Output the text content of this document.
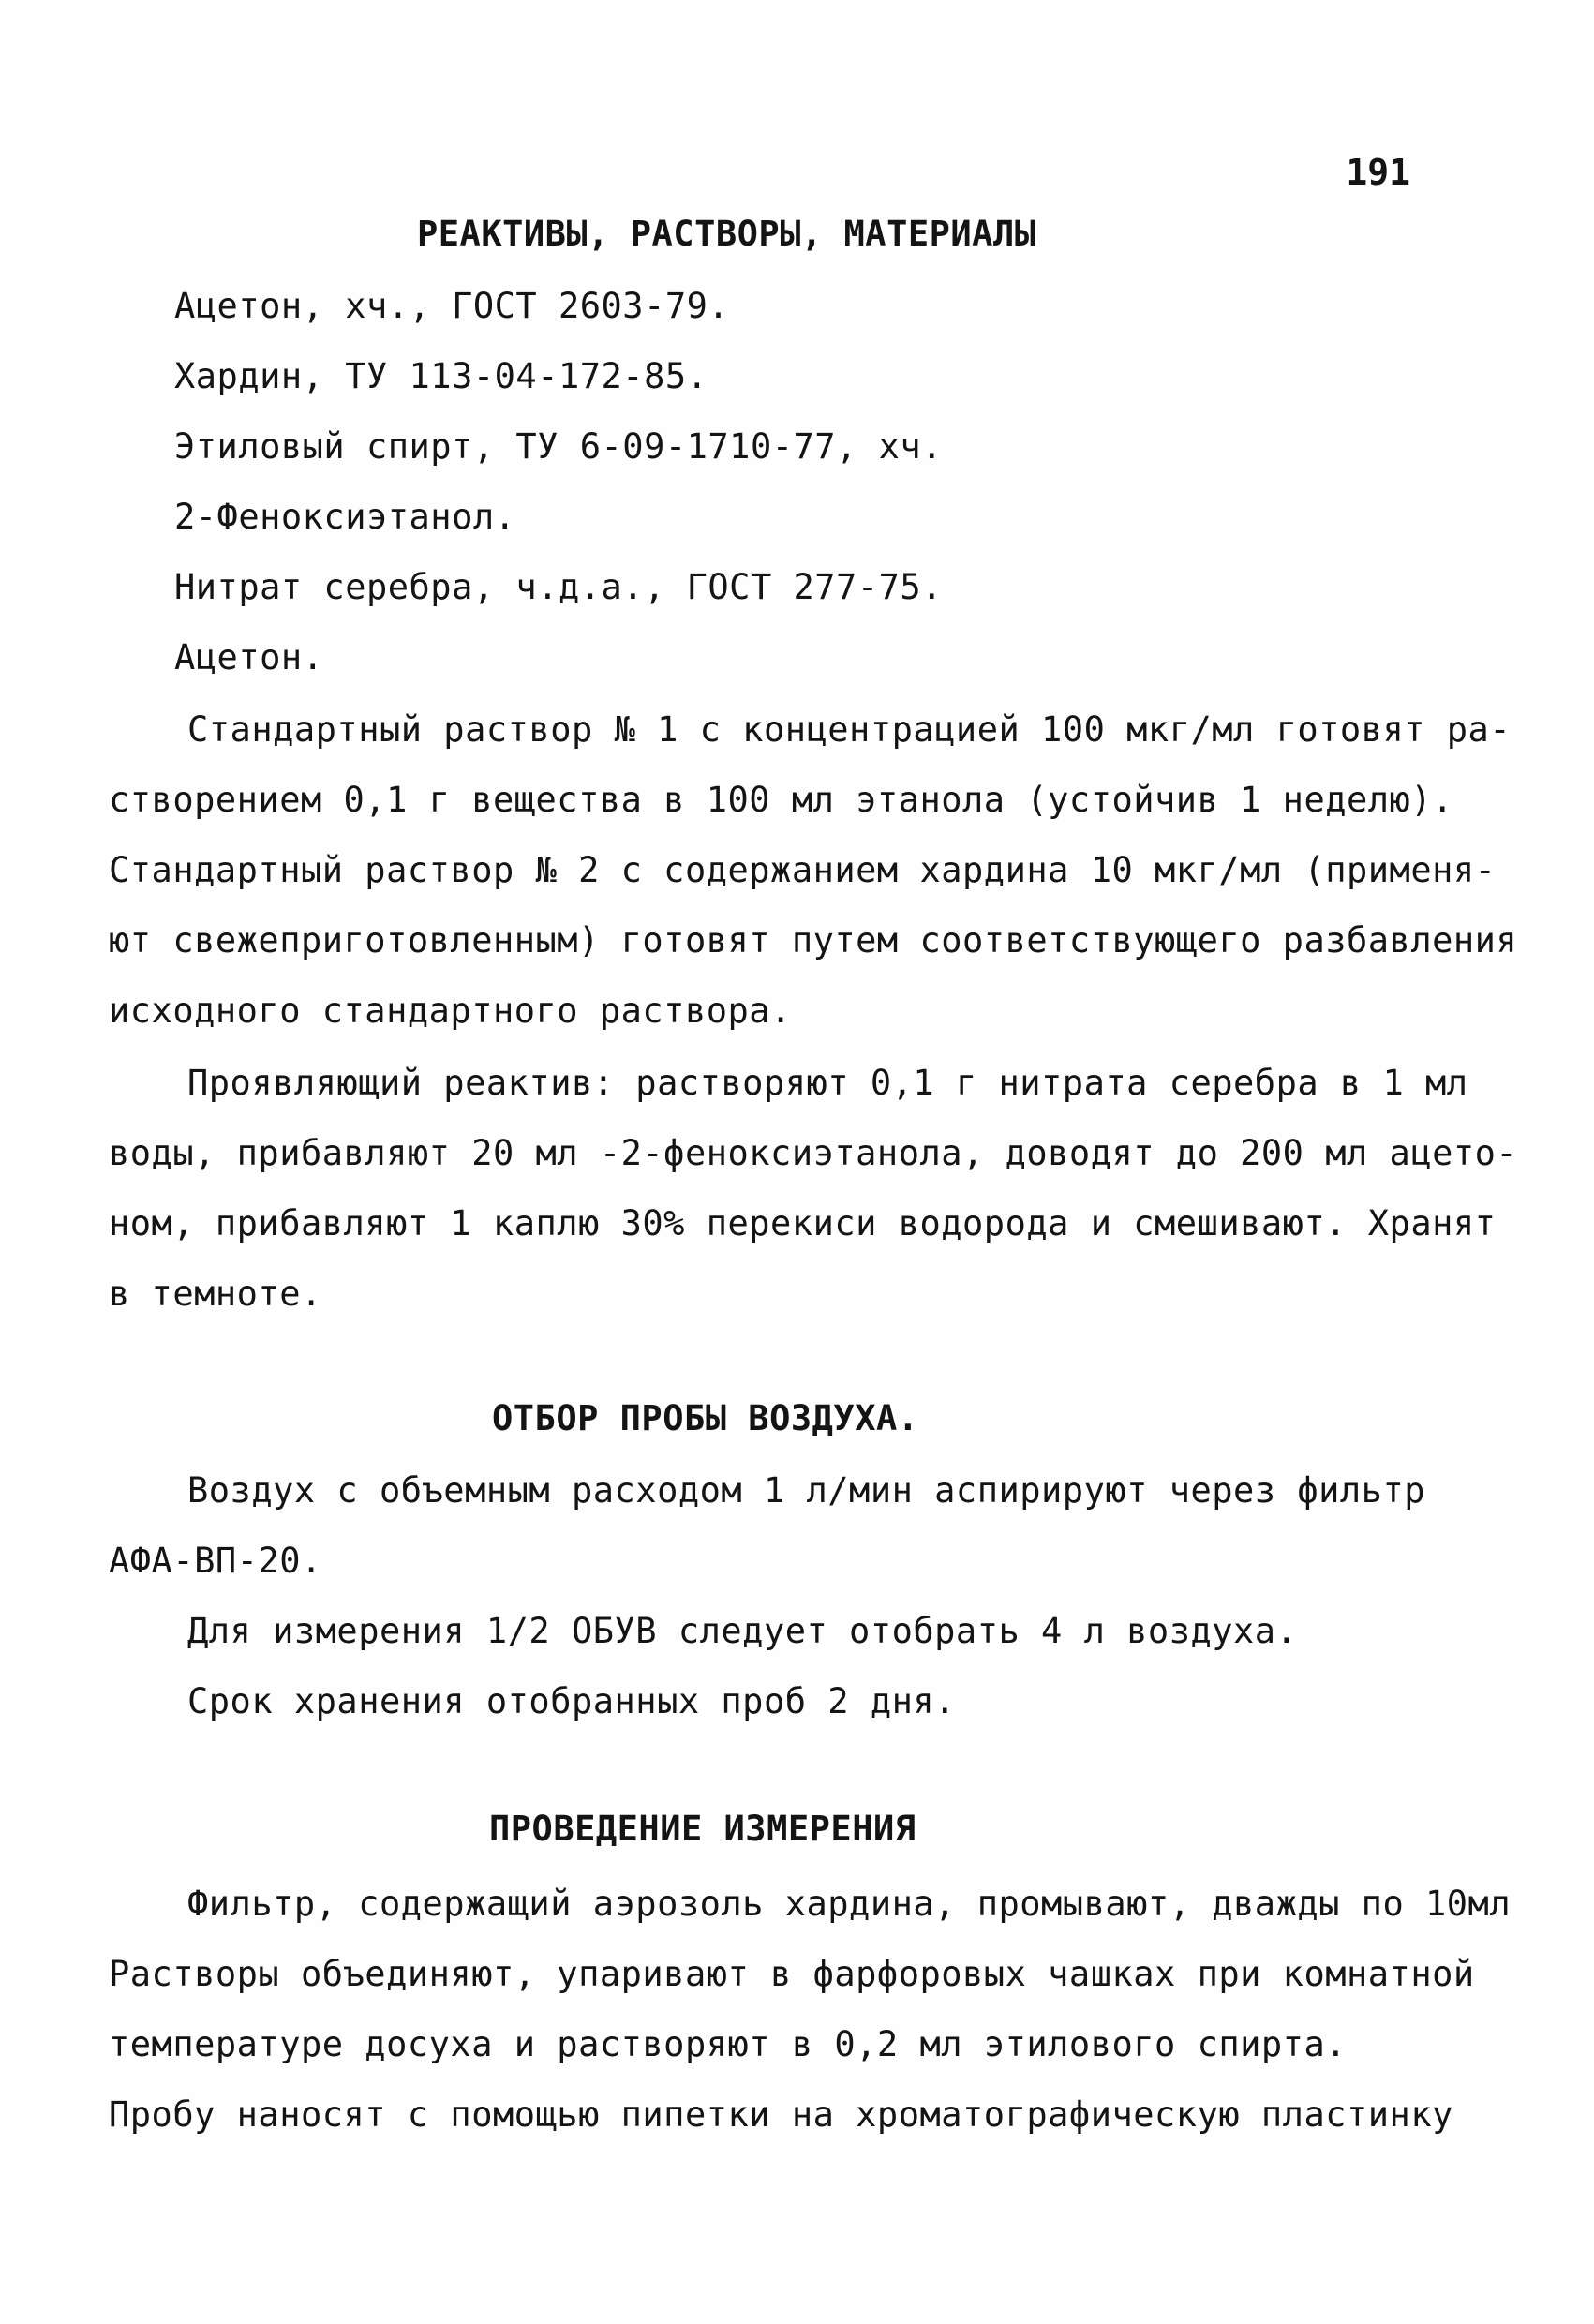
191
РЕАКТИВЫ, РАСТВОРЫ, МАТЕРИАЛЫ
Ацетон, хч., ГОСТ 2603-79.
Хардин, ТУ 113-04-172-85.
Этиловый спирт, ТУ 6-09-1710-77, хч.
2-Феноксиэтанол.
Нитрат серебра, ч.д.а., ГОСТ 277-75.
Ацетон.
Стандартный раствор № 1 с концентрацией 100 мкг/мл готовят ра-
створением 0,1 г вещества в 100 мл этанола (устойчив 1 неделю).
Стандартный раствор № 2 с содержанием хардина 10 мкг/мл (применя-
ют свежеприготовленным) готовят путем соответствующего разбавления
исходного стандартного раствора.
Проявляющий реактив: растворяют 0,1 г нитрата серебра в 1 мл
воды, прибавляют 20 мл -2-феноксиэтанола, доводят до 200 мл ацето-
ном, прибавляют 1 каплю 30% перекиси водорода и смешивают. Хранят
в темноте.
ОТБОР ПРОБЫ ВОЗДУХА.
Воздух с объемным расходом 1 л/мин аспирируют через фильтр
АФА-ВП-20.
Для измерения 1/2 ОБУВ следует отобрать 4 л воздуха.
Срок хранения отобранных проб 2 дня.
ПРОВЕДЕНИЕ ИЗМЕРЕНИЯ
Фильтр, содержащий аэрозоль хардина, промывают, дважды по 10мл
Растворы объединяют, упаривают в фарфоровых чашках при комнатной
температуре досуха и растворяют в 0,2 мл этилового спирта.
Пробу наносят с помощью пипетки на хроматографическую пластинку
